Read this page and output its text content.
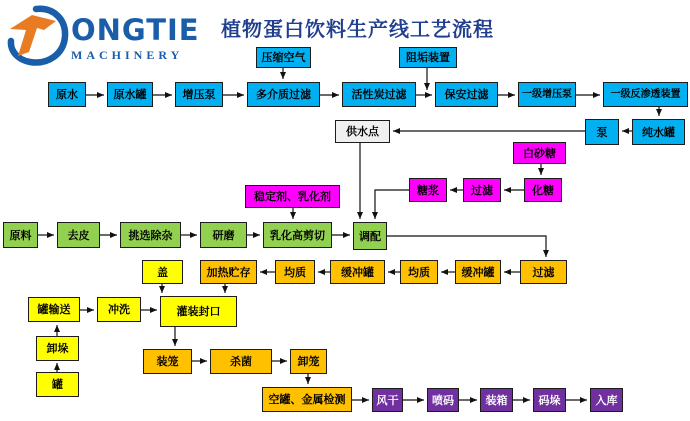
ONGTIE
MACHINERY
植物蛋白饮料生产线工艺流程
压缩空气	阻垢装置
原水	原水罐	增压泵	多介质过滤	活性炭过滤	保安过滤	一级增压泵	一级反渗透装置
供水点	泵	纯水罐
白砂糖
化糖
过滤
糖浆
稳定剂、乳化剂
原料	去皮	挑选除杂	研磨	乳化高剪切	调配
加热贮存	均质	缓冲罐	均质	缓冲罐	过滤
盖
罐输送	冲洗	灌装封口
卸垛
罐
装笼	杀菌	卸笼
空罐、金属检测	风干	喷码	装箱	码垛	入库
